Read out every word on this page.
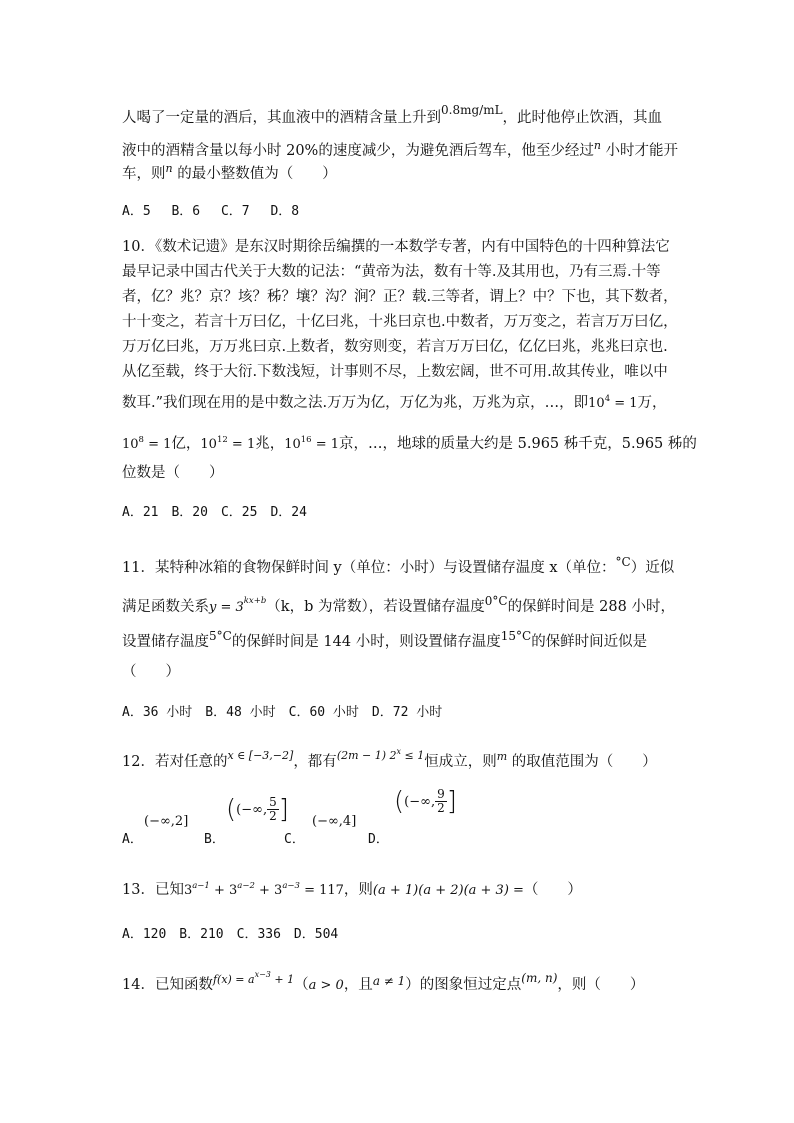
人喝了一定量的酒后，其血液中的酒精含量上升到$^{0.8mg/mL}$，此时他停止饮酒，其血
液中的酒精含量以每小时 20%的速度减少，为避免酒后驾车，他至少经过$^n$ 小时才能开
车，则$^n$ 的最小整数值为（　　）
A．5　 B．6　 C．7　 D．8
10．《数术记遗》是东汉时期徐岳编撰的一本数学专著，内有中国特色的十四种算法它
最早记录中国古代关于大数的记法：“黄帝为法，数有十等.及其用也，乃有三焉.十等
者，亿？兆？京？垓？秭？壤？沟？涧？正？载.三等者，谓上？中？下也，其下数者，
十十变之，若言十万曰亿，十亿曰兆，十兆曰京也.中数者，万万变之，若言万万曰亿，
万万亿曰兆，万万兆曰京.上数者，数穷则变，若言万万曰亿，亿亿曰兆，兆兆曰京也.
从亿至载，终于大衍.下数浅短，计事则不尽，上数宏阔，世不可用.故其传业，唯以中
数耳.”我们现在用的是中数之法.万万为亿，万亿为兆，万兆为京，…，即$10^4 = 1$万，
$10^8 = 1$亿，$10^{12} = 1$兆，$10^{16} = 1$京，…，地球的质量大约是 5.965 秭千克，5.965 秭的
位数是（　　）
A．21　B．20　C．25　D．24
11．某特种冰箱的食物保鲜时间 y（单位：小时）与设置储存温度 x（单位：$^{^\circ C}$）近似
满足函数关系$y = 3^{kx+b}(k$，b 为常数），若设置储存温度$^{0^\circ C}$的保鲜时间是 288 小时，
设置储存温度$^{5^\circ C}$的保鲜时间是 144 小时，则设置储存温度$^{15^\circ C}$的保鲜时间近似是
（　　）
A．36 小时　B．48 小时　C．60 小时　D．72 小时
12．若对任意的$^{x \in [-3,-2]}$，都有$^{(2m - 1) 2x}$ $^{\le 1}$恒成立，则$^m$ 的取值范围为（　　）
A．
(−∞,2]
B．
((−∞, $\frac{5}{2}$ ]
C．
(−∞,4]
D．
((−∞, $\frac{9}{2}$ ]
13．已知$3^{a-1} + 3^{a-2} + 3^{a-3} = 117$，则(a + 1)(a + 2)(a + 3) =（　　）
A．120　B．210　C．336　D．504
14．已知函数$^{f(x) = ax-3}$ $^{+ 1}$（a > 0，且$^{a \ne 1}$）的图象恒过定点$^{(m, n)}$，则（　　）
